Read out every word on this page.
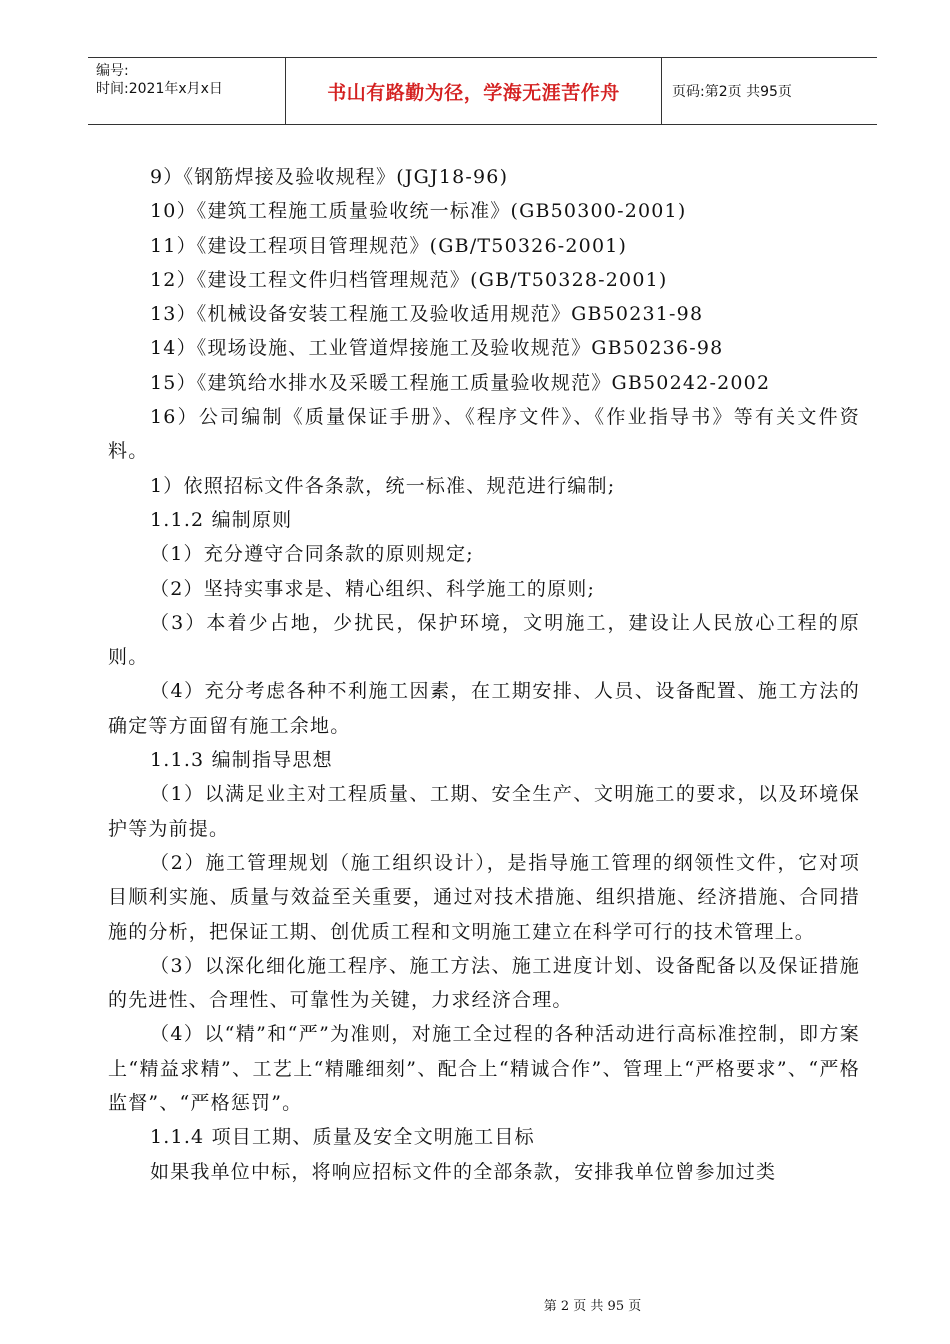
编号:
时间:2021年x月x日	书山有路勤为径，学海无涯苦作舟	页码:第2页 共95页

9）《钢筋焊接及验收规程》(JGJ18-96)

10）《建筑工程施工质量验收统一标准》(GB50300-2001)

11）《建设工程项目管理规范》(GB/T50326-2001)

12）《建设工程文件归档管理规范》(GB/T50328-2001)

13）《机械设备安装工程施工及验收适用规范》GB50231-98

14）《现场设施、工业管道焊接施工及验收规范》GB50236-98

15）《建筑给水排水及采暖工程施工质量验收规范》GB50242-2002

16）公司编制《质量保证手册》、《程序文件》、《作业指导书》等有关文件资料。

1）依照招标文件各条款，统一标准、规范进行编制;

1.1.2 编制原则

（1）充分遵守合同条款的原则规定;

（2）坚持实事求是、精心组织、科学施工的原则;

（3）本着少占地，少扰民，保护环境，文明施工，建设让人民放心工程的原则。

（4）充分考虑各种不利施工因素，在工期安排、人员、设备配置、施工方法的确定等方面留有施工余地。

1.1.3 编制指导思想

（1）以满足业主对工程质量、工期、安全生产、文明施工的要求，以及环境保护等为前提。

（2）施工管理规划（施工组织设计），是指导施工管理的纲领性文件，它对项目顺利实施、质量与效益至关重要，通过对技术措施、组织措施、经济措施、合同措施的分析，把保证工期、创优质工程和文明施工建立在科学可行的技术管理上。

（3）以深化细化施工程序、施工方法、施工进度计划、设备配备以及保证措施的先进性、合理性、可靠性为关键，力求经济合理。

（4）以“精”和“严”为准则，对施工全过程的各种活动进行高标准控制，即方案上“精益求精”、工艺上“精雕细刻”、配合上“精诚合作”、管理上“严格要求”、“严格监督”、“严格惩罚”。

1.1.4 项目工期、质量及安全文明施工目标

如果我单位中标，将响应招标文件的全部条款，安排我单位曾参加过类

第 2 页 共 95 页
